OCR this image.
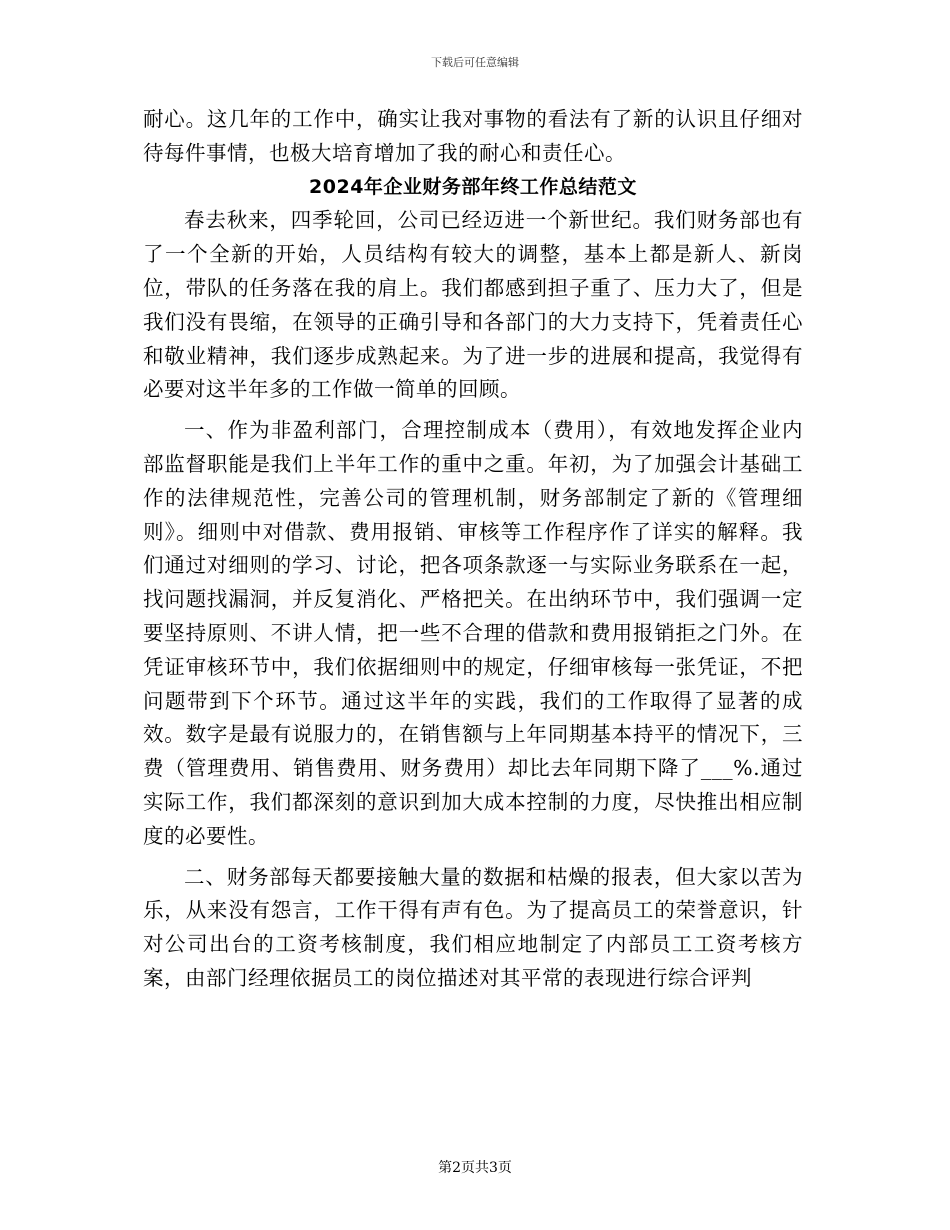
下载后可任意编辑

耐心。这几年的工作中，确实让我对事物的看法有了新的认识且仔细对待每件事情，也极大培育增加了我的耐心和责任心。

2024年企业财务部年终工作总结范文

春去秋来，四季轮回，公司已经迈进一个新世纪。我们财务部也有了一个全新的开始，人员结构有较大的调整，基本上都是新人、新岗位，带队的任务落在我的肩上。我们都感到担子重了、压力大了，但是我们没有畏缩，在领导的正确引导和各部门的大力支持下，凭着责任心和敬业精神，我们逐步成熟起来。为了进一步的进展和提高，我觉得有必要对这半年多的工作做一简单的回顾。

一、作为非盈利部门，合理控制成本（费用），有效地发挥企业内部监督职能是我们上半年工作的重中之重。年初，为了加强会计基础工作的法律规范性，完善公司的管理机制，财务部制定了新的《管理细则》。细则中对借款、费用报销、审核等工作程序作了详实的解释。我们通过对细则的学习、讨论，把各项条款逐一与实际业务联系在一起，找问题找漏洞，并反复消化、严格把关。在出纳环节中，我们强调一定要坚持原则、不讲人情，把一些不合理的借款和费用报销拒之门外。在凭证审核环节中，我们依据细则中的规定，仔细审核每一张凭证，不把问题带到下个环节。通过这半年的实践，我们的工作取得了显著的成效。数字是最有说服力的，在销售额与上年同期基本持平的情况下，三费（管理费用、销售费用、财务费用）却比去年同期下降了___%.通过实际工作，我们都深刻的意识到加大成本控制的力度，尽快推出相应制度的必要性。

二、财务部每天都要接触大量的数据和枯燥的报表，但大家以苦为乐，从来没有怨言，工作干得有声有色。为了提高员工的荣誉意识，针对公司出台的工资考核制度，我们相应地制定了内部员工工资考核方案，由部门经理依据员工的岗位描述对其平常的表现进行综合评判

第2页共3页
